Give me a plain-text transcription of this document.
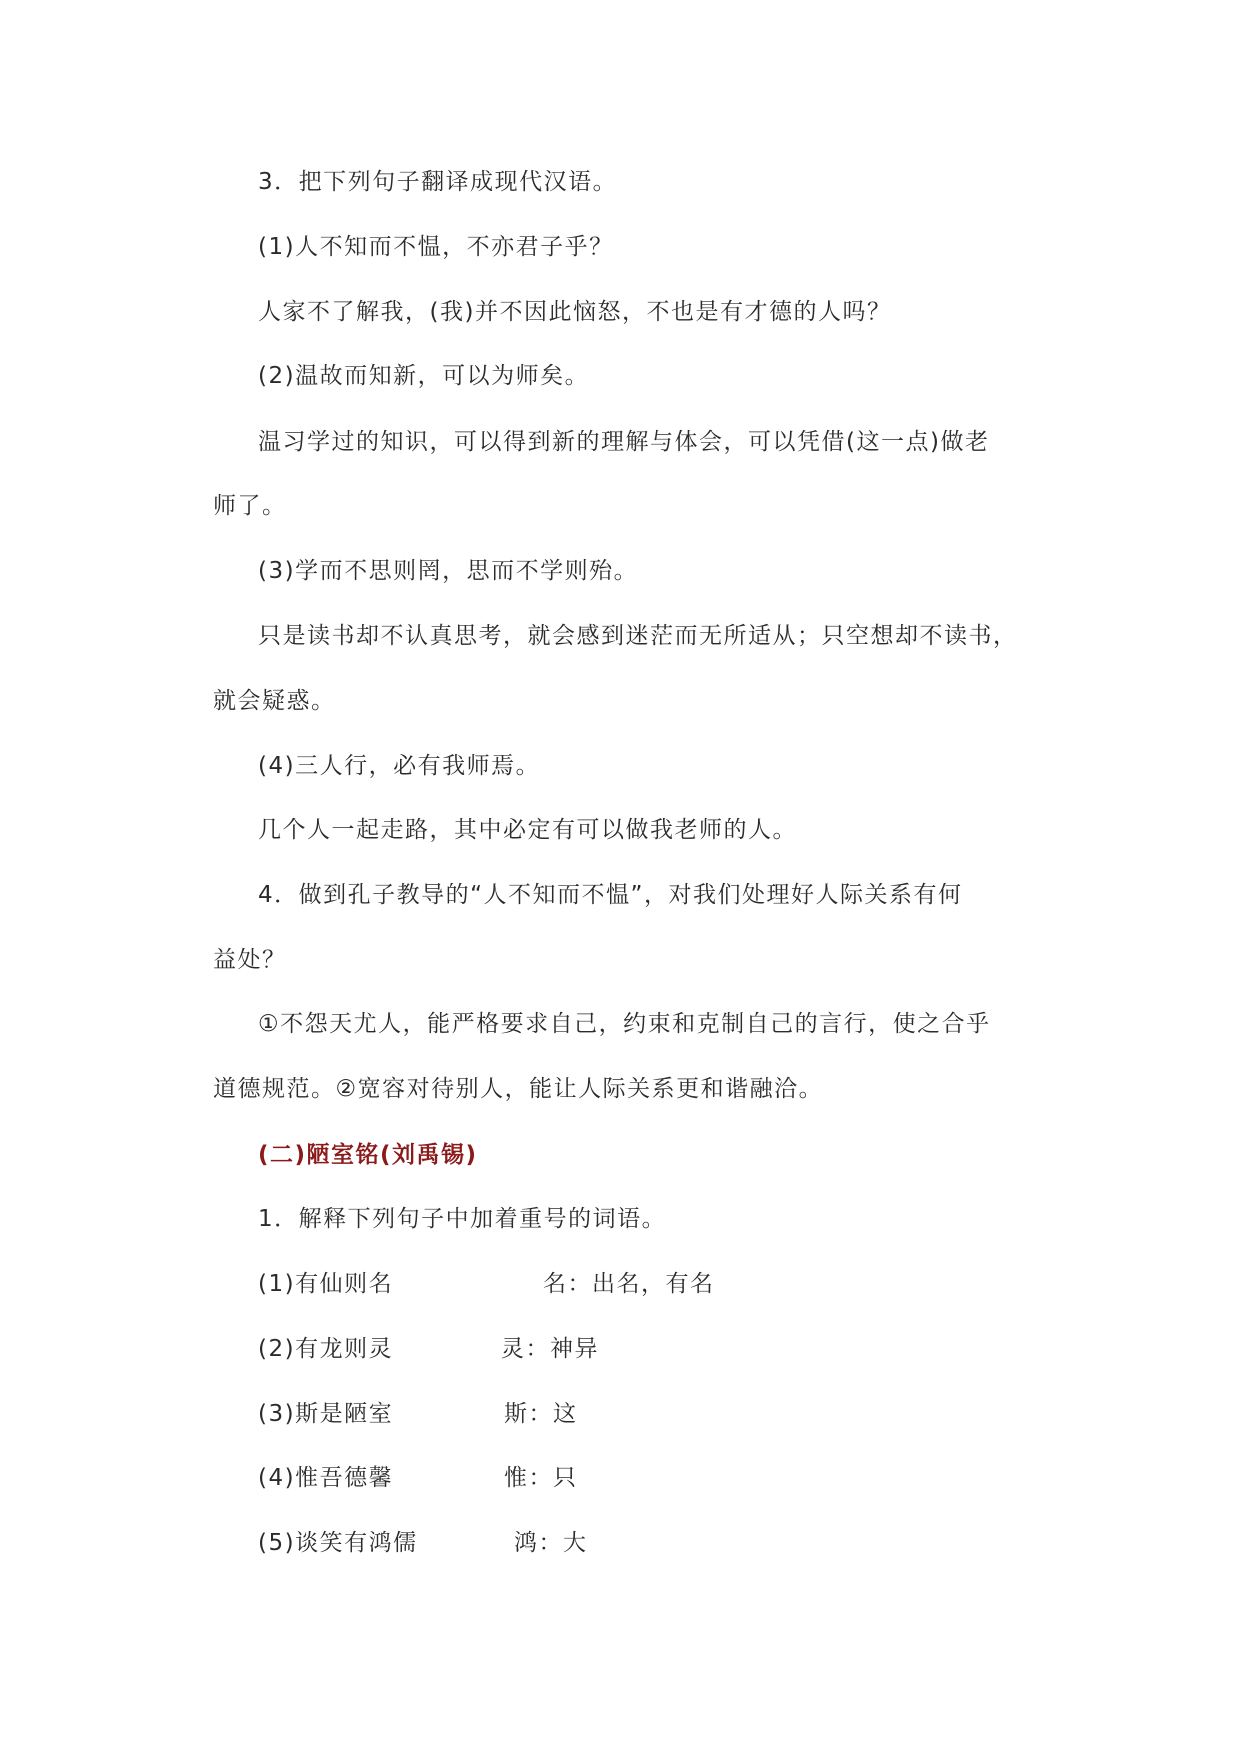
3．把下列句子翻译成现代汉语。
(1)人不知而不愠，不亦君子乎？
人家不了解我，(我)并不因此恼怒，不也是有才德的人吗？
(2)温故而知新，可以为师矣。
温习学过的知识，可以得到新的理解与体会，可以凭借(这一点)做老
师了。
(3)学而不思则罔，思而不学则殆。
只是读书却不认真思考，就会感到迷茫而无所适从；只空想却不读书，
就会疑惑。
(4)三人行，必有我师焉。
几个人一起走路，其中必定有可以做我老师的人。
4．做到孔子教导的“人不知而不愠”，对我们处理好人际关系有何
益处？
①不怨天尤人，能严格要求自己，约束和克制自己的言行，使之合乎
道德规范。②宽容对待别人，能让人际关系更和谐融洽。
(二)陋室铭(刘禹锡)
1．解释下列句子中加着重号的词语。
(1)有仙则名	名：出名，有名
(2)有龙则灵	灵：神异
(3)斯是陋室	斯：这
(4)惟吾德馨	惟：只
(5)谈笑有鸿儒	鸿：大
